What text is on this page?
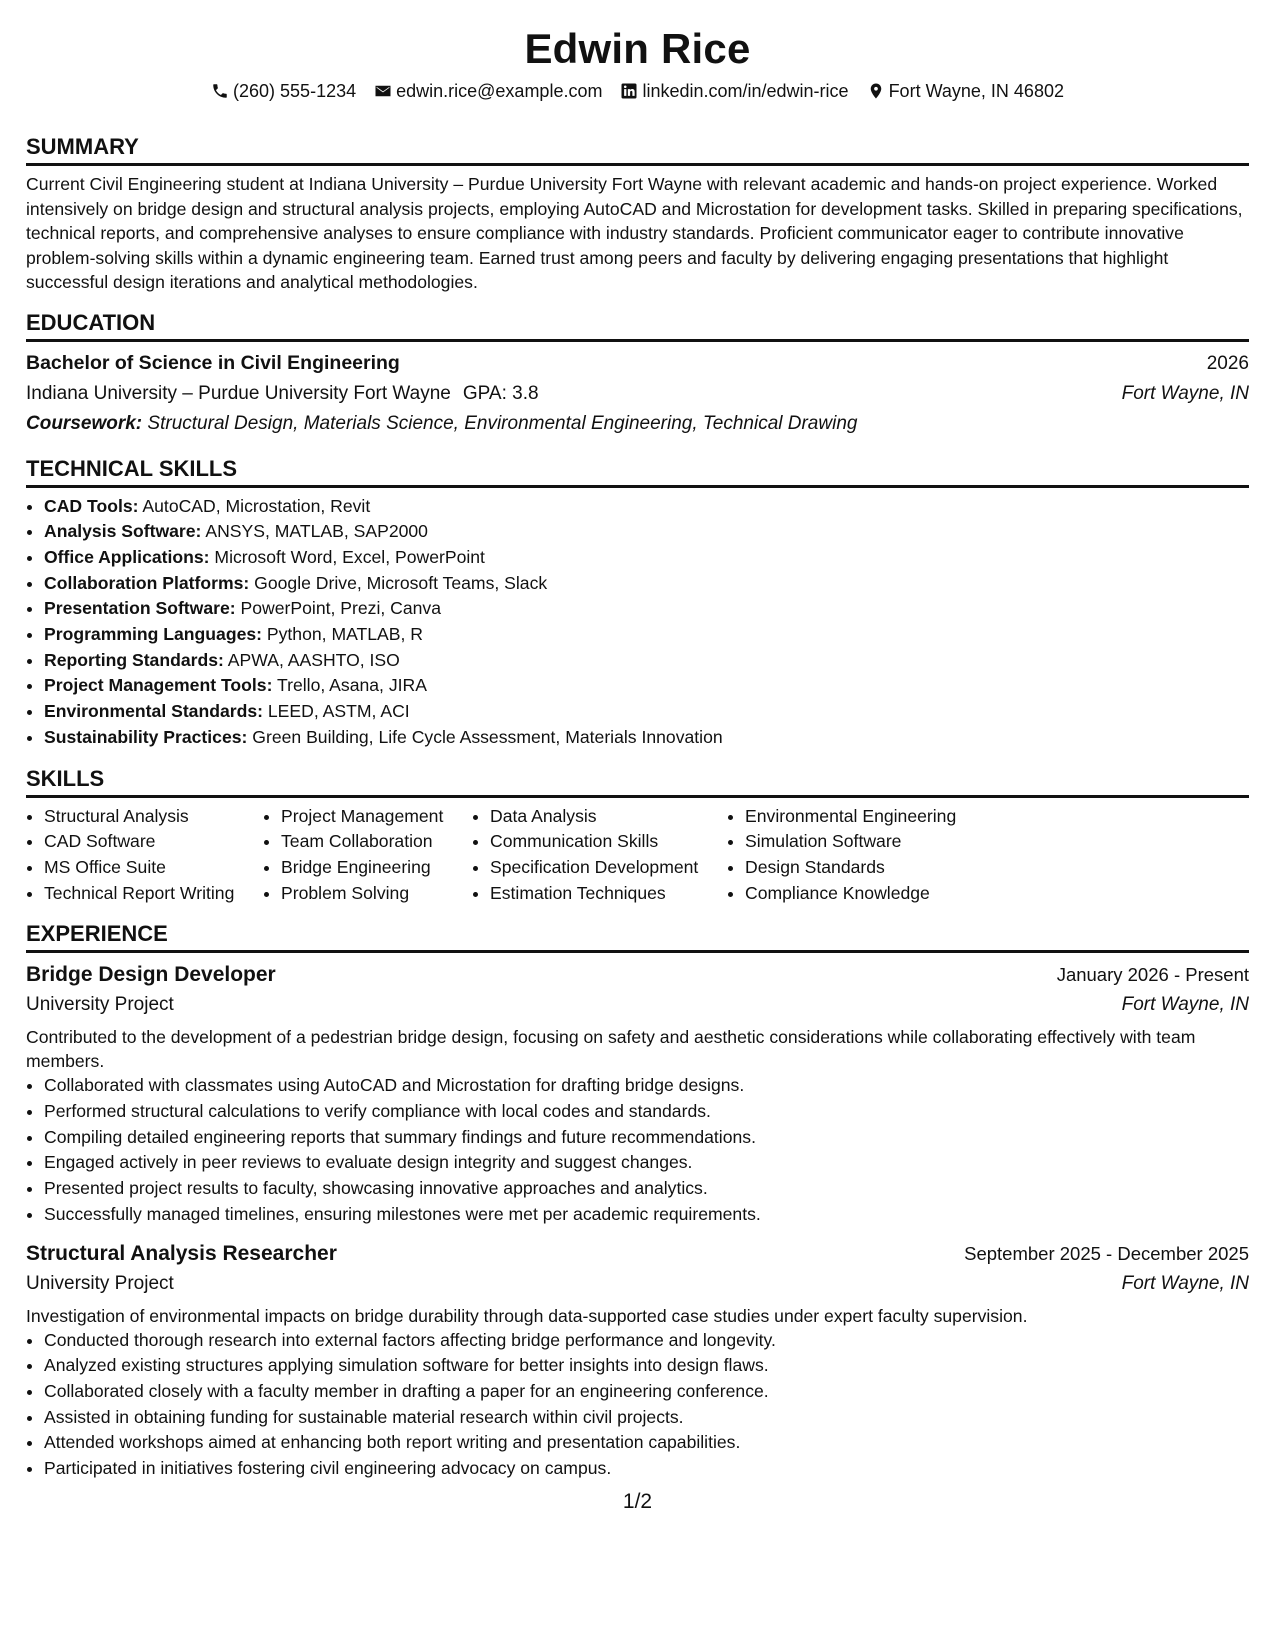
Edwin Rice
(260) 555-1234 edwin.rice@example.com linkedin.com/in/edwin-rice Fort Wayne, IN 46802
SUMMARY

Current Civil Engineering student at Indiana University – Purdue University Fort Wayne with relevant academic and hands-on project experience. Worked intensively on bridge design and structural analysis projects, employing AutoCAD and Microstation for development tasks. Skilled in preparing specifications, technical reports, and comprehensive analyses to ensure compliance with industry standards. Proficient communicator eager to contribute innovative problem-solving skills within a dynamic engineering team. Earned trust among peers and faculty by delivering engaging presentations that highlight successful design iterations and analytical methodologies.

EDUCATION
Bachelor of Science in Civil Engineering	2026
Indiana University – Purdue University Fort Wayne GPA: 3.8	Fort Wayne, IN
Coursework: Structural Design, Materials Science, Environmental Engineering, Technical Drawing
TECHNICAL SKILLS
• CAD Tools: AutoCAD, Microstation, Revit
• Analysis Software: ANSYS, MATLAB, SAP2000
• Office Applications: Microsoft Word, Excel, PowerPoint
• Collaboration Platforms: Google Drive, Microsoft Teams, Slack
• Presentation Software: PowerPoint, Prezi, Canva
• Programming Languages: Python, MATLAB, R
• Reporting Standards: APWA, AASHTO, ISO
• Project Management Tools: Trello, Asana, JIRA
• Environmental Standards: LEED, ASTM, ACI
• Sustainability Practices: Green Building, Life Cycle Assessment, Materials Innovation
SKILLS
• Structural Analysis
• CAD Software
• MS Office Suite
• Technical Report Writing
• Project Management
• Team Collaboration
• Bridge Engineering
• Problem Solving
• Data Analysis
• Communication Skills
• Specification Development
• Estimation Techniques
• Environmental Engineering
• Simulation Software
• Design Standards
• Compliance Knowledge
EXPERIENCE
Bridge Design Developer	January 2026 - Present
University Project	Fort Wayne, IN

Contributed to the development of a pedestrian bridge design, focusing on safety and aesthetic considerations while collaborating effectively with team members.

• Collaborated with classmates using AutoCAD and Microstation for drafting bridge designs.
• Performed structural calculations to verify compliance with local codes and standards.
• Compiling detailed engineering reports that summary findings and future recommendations.
• Engaged actively in peer reviews to evaluate design integrity and suggest changes.
• Presented project results to faculty, showcasing innovative approaches and analytics.
• Successfully managed timelines, ensuring milestones were met per academic requirements.
Structural Analysis Researcher	September 2025 - December 2025
University Project	Fort Wayne, IN

Investigation of environmental impacts on bridge durability through data-supported case studies under expert faculty supervision.

• Conducted thorough research into external factors affecting bridge performance and longevity.
• Analyzed existing structures applying simulation software for better insights into design flaws.
• Collaborated closely with a faculty member in drafting a paper for an engineering conference.
• Assisted in obtaining funding for sustainable material research within civil projects.
• Attended workshops aimed at enhancing both report writing and presentation capabilities.
• Participated in initiatives fostering civil engineering advocacy on campus.
1/2
